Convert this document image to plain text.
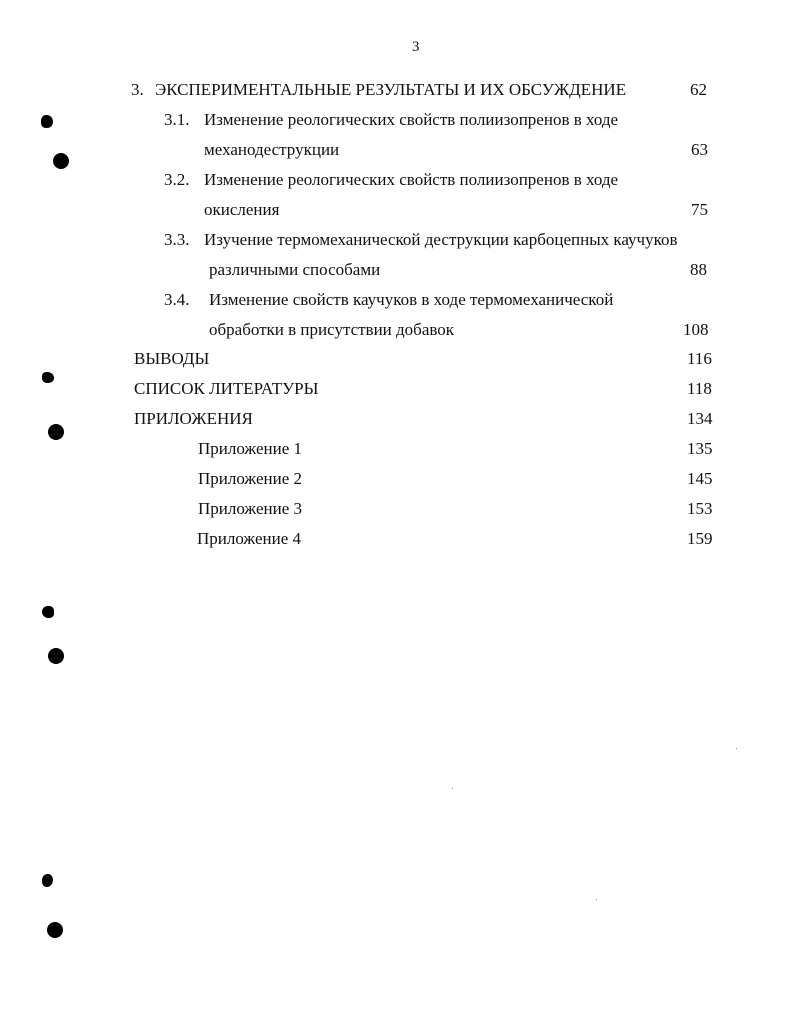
3
3. ЭКСПЕРИМЕНТАЛЬНЫЕ РЕЗУЛЬТАТЫ И ИХ ОБСУЖДЕНИЕ	62
3.1. Изменение реологических свойств полиизопренов в ходе
механодеструкции	63
3.2. Изменение реологических свойств полиизопренов в ходе
окисления	75
3.3. Изучение термомеханической деструкции карбоцепных каучуков
различными способами	88
3.4. Изменение свойств каучуков в ходе термомеханической
обработки в присутствии добавок	108
ВЫВОДЫ	116
СПИСОК ЛИТЕРАТУРЫ	118
ПРИЛОЖЕНИЯ	134
Приложение 1	135
Приложение 2	145
Приложение 3	153
Приложение 4	159
